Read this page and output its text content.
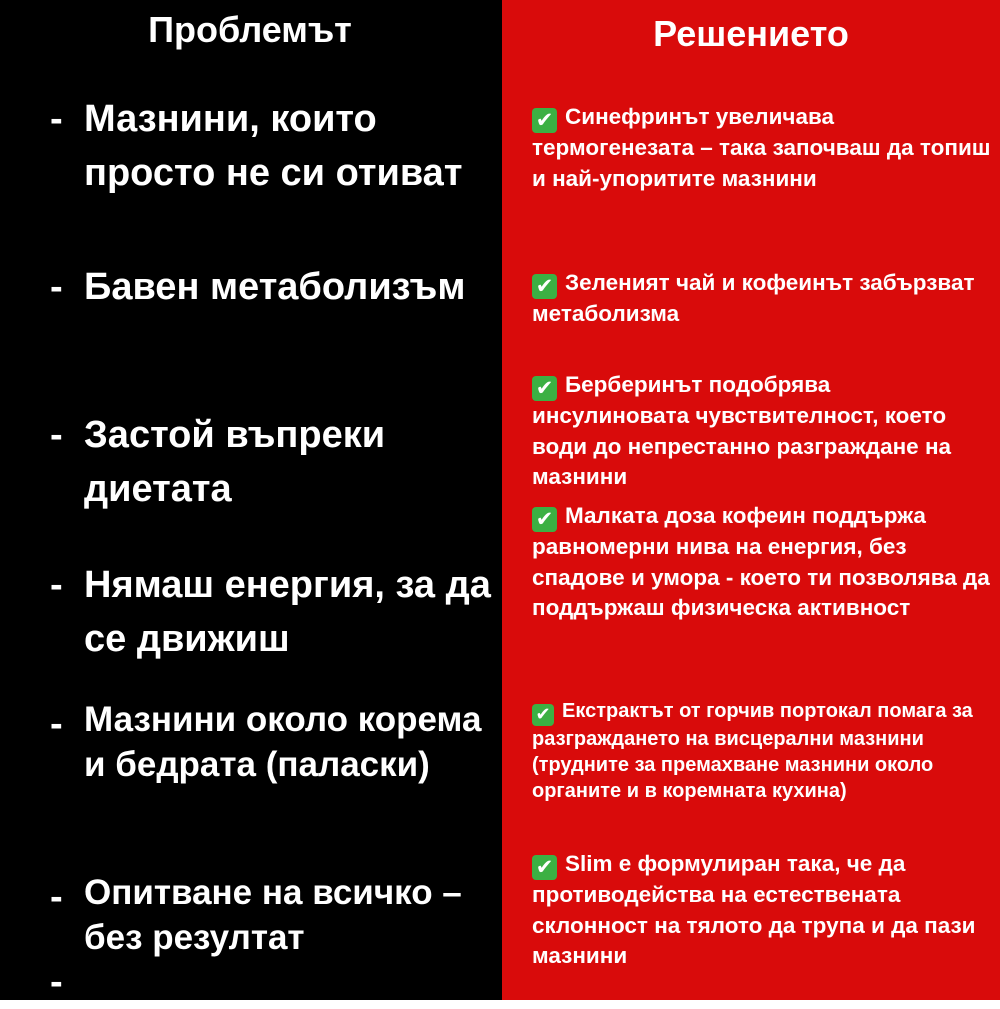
Проблемът
- Мазнини, които просто не си отиват
- Бавен метаболизъм
- Застой въпреки диетата
- Нямаш енергия, за да се движиш
- Мазнини около корема и бедрата (паласки)
- Опитване на всичко – без резултат
-
Решението
✔ Синефринът увеличава термогенезата – така започваш да топиш и най-упоритите мазнини
✔ Зеленият чай и кофеинът забързват метаболизма
✔ Берберинът подобрява инсулиновата чувствителност, което води до непрестанно разграждане на мазнини
✔ Малката доза кофеин поддържа равномерни нива на енергия, без спадове и умора - което ти позволява да поддържаш физическа активност
✔ Екстрактът от горчив портокал помага за разграждането на висцерални мазнини (трудните за премахване мазнини около органите и в коремната кухина)
✔ Slim е формулиран така, че да противодейства на естествената склонност на тялото да трупа и да пази мазнини
